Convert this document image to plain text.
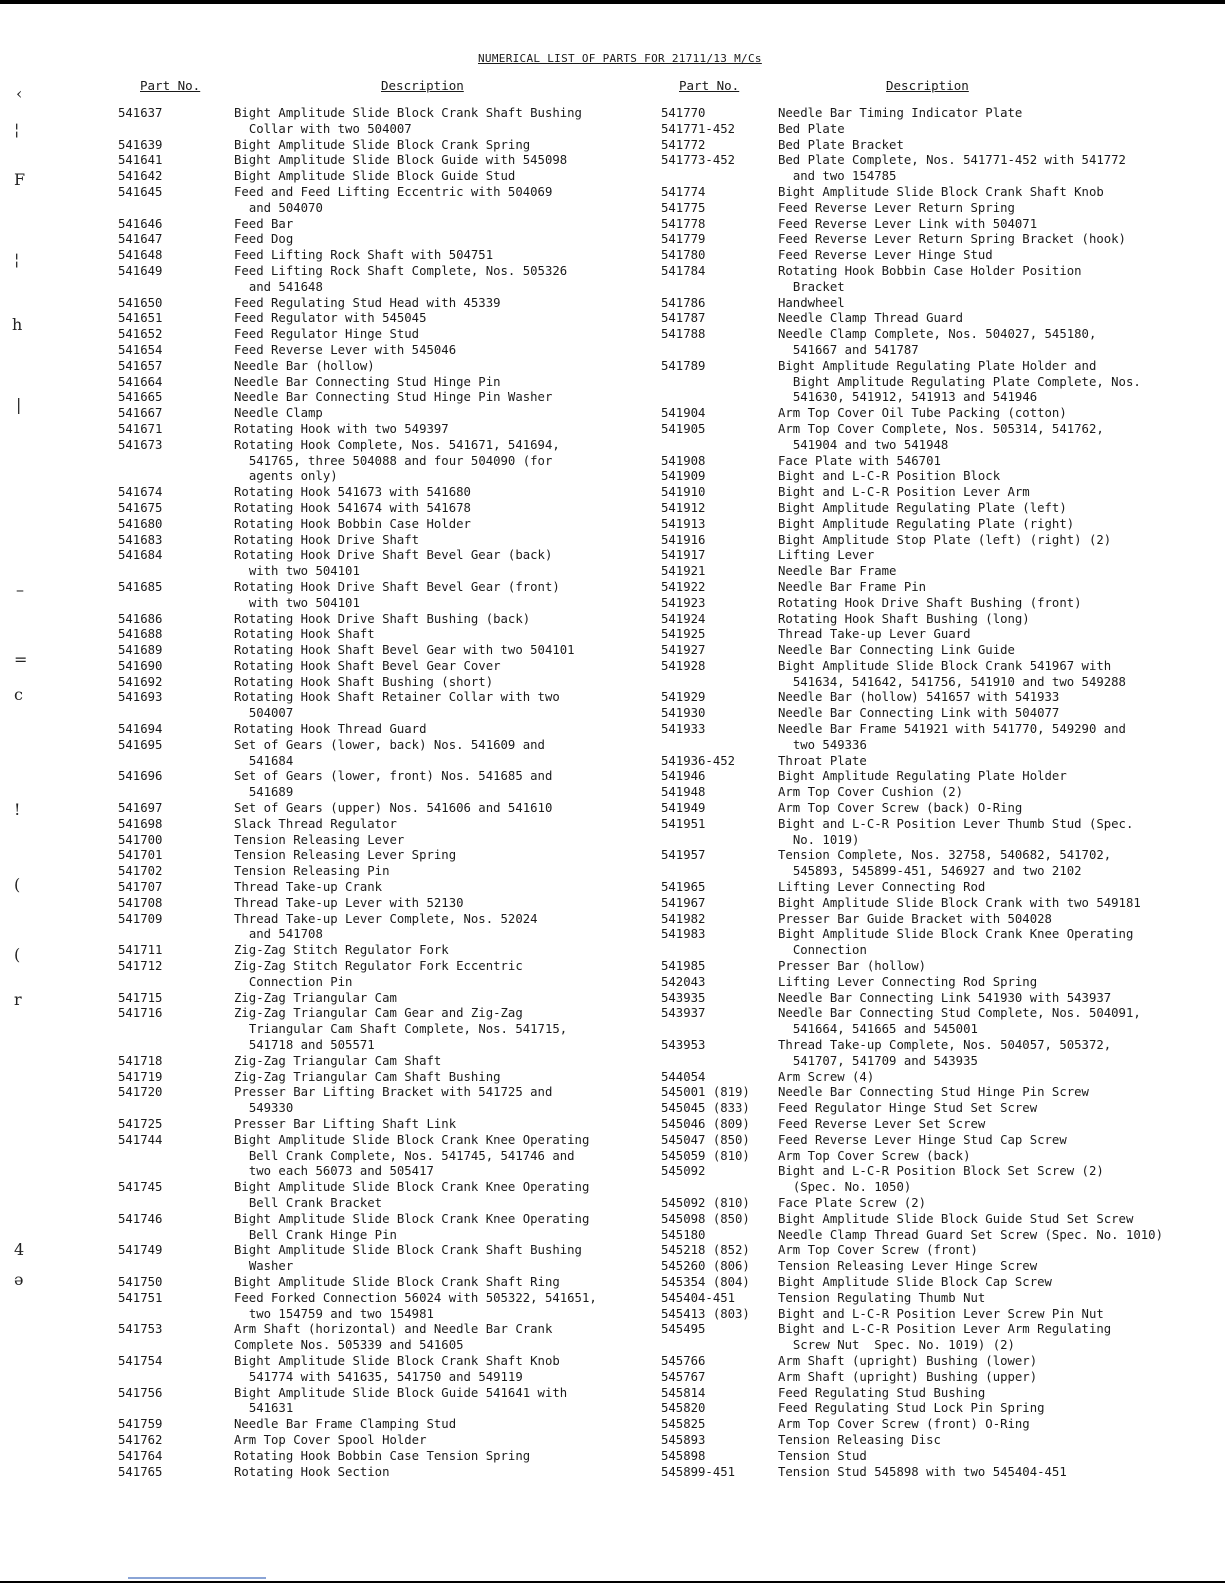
‹
¦
F
¦
h
|
–
=
c
!
(
(
r
4
ə
NUMERICAL LIST OF PARTS FOR 21711/13 M/Cs
Part No.	Description	Part No.	Description
541637	Bight Amplitude Slide Block Crank Shaft Bushing
Collar with two 504007
541639	Bight Amplitude Slide Block Crank Spring
541641	Bight Amplitude Slide Block Guide with 545098
541642	Bight Amplitude Slide Block Guide Stud
541645	Feed and Feed Lifting Eccentric with 504069
and 504070
541646	Feed Bar
541647	Feed Dog
541648	Feed Lifting Rock Shaft with 504751
541649	Feed Lifting Rock Shaft Complete, Nos. 505326
and 541648
541650	Feed Regulating Stud Head with 45339
541651	Feed Regulator with 545045
541652	Feed Regulator Hinge Stud
541654	Feed Reverse Lever with 545046
541657	Needle Bar (hollow)
541664	Needle Bar Connecting Stud Hinge Pin
541665	Needle Bar Connecting Stud Hinge Pin Washer
541667	Needle Clamp
541671	Rotating Hook with two 549397
541673	Rotating Hook Complete, Nos. 541671, 541694,
541765, three 504088 and four 504090 (for
agents only)
541674	Rotating Hook 541673 with 541680
541675	Rotating Hook 541674 with 541678
541680	Rotating Hook Bobbin Case Holder
541683	Rotating Hook Drive Shaft
541684	Rotating Hook Drive Shaft Bevel Gear (back)
with two 504101
541685	Rotating Hook Drive Shaft Bevel Gear (front)
with two 504101
541686	Rotating Hook Drive Shaft Bushing (back)
541688	Rotating Hook Shaft
541689	Rotating Hook Shaft Bevel Gear with two 504101
541690	Rotating Hook Shaft Bevel Gear Cover
541692	Rotating Hook Shaft Bushing (short)
541693	Rotating Hook Shaft Retainer Collar with two
504007
541694	Rotating Hook Thread Guard
541695	Set of Gears (lower, back) Nos. 541609 and
541684
541696	Set of Gears (lower, front) Nos. 541685 and
541689
541697	Set of Gears (upper) Nos. 541606 and 541610
541698	Slack Thread Regulator
541700	Tension Releasing Lever
541701	Tension Releasing Lever Spring
541702	Tension Releasing Pin
541707	Thread Take-up Crank
541708	Thread Take-up Lever with 52130
541709	Thread Take-up Lever Complete, Nos. 52024
and 541708
541711	Zig-Zag Stitch Regulator Fork
541712	Zig-Zag Stitch Regulator Fork Eccentric
Connection Pin
541715	Zig-Zag Triangular Cam
541716	Zig-Zag Triangular Cam Gear and Zig-Zag
Triangular Cam Shaft Complete, Nos. 541715,
541718 and 505571
541718	Zig-Zag Triangular Cam Shaft
541719	Zig-Zag Triangular Cam Shaft Bushing
541720	Presser Bar Lifting Bracket with 541725 and
549330
541725	Presser Bar Lifting Shaft Link
541744	Bight Amplitude Slide Block Crank Knee Operating
Bell Crank Complete, Nos. 541745, 541746 and
two each 56073 and 505417
541745	Bight Amplitude Slide Block Crank Knee Operating
Bell Crank Bracket
541746	Bight Amplitude Slide Block Crank Knee Operating
Bell Crank Hinge Pin
541749	Bight Amplitude Slide Block Crank Shaft Bushing
Washer
541750	Bight Amplitude Slide Block Crank Shaft Ring
541751	Feed Forked Connection 56024 with 505322, 541651,
two 154759 and two 154981
541753	Arm Shaft (horizontal) and Needle Bar Crank
Complete Nos. 505339 and 541605
541754	Bight Amplitude Slide Block Crank Shaft Knob
541774 with 541635, 541750 and 549119
541756	Bight Amplitude Slide Block Guide 541641 with
541631
541759	Needle Bar Frame Clamping Stud
541762	Arm Top Cover Spool Holder
541764	Rotating Hook Bobbin Case Tension Spring
541765	Rotating Hook Section
541770	Needle Bar Timing Indicator Plate
541771-452	Bed Plate
541772	Bed Plate Bracket
541773-452	Bed Plate Complete, Nos. 541771-452 with 541772
and two 154785
541774	Bight Amplitude Slide Block Crank Shaft Knob
541775	Feed Reverse Lever Return Spring
541778	Feed Reverse Lever Link with 504071
541779	Feed Reverse Lever Return Spring Bracket (hook)
541780	Feed Reverse Lever Hinge Stud
541784	Rotating Hook Bobbin Case Holder Position
Bracket
541786	Handwheel
541787	Needle Clamp Thread Guard
541788	Needle Clamp Complete, Nos. 504027, 545180,
541667 and 541787
541789	Bight Amplitude Regulating Plate Holder and
Bight Amplitude Regulating Plate Complete, Nos.
541630, 541912, 541913 and 541946
541904	Arm Top Cover Oil Tube Packing (cotton)
541905	Arm Top Cover Complete, Nos. 505314, 541762,
541904 and two 541948
541908	Face Plate with 546701
541909	Bight and L-C-R Position Block
541910	Bight and L-C-R Position Lever Arm
541912	Bight Amplitude Regulating Plate (left)
541913	Bight Amplitude Regulating Plate (right)
541916	Bight Amplitude Stop Plate (left) (right) (2)
541917	Lifting Lever
541921	Needle Bar Frame
541922	Needle Bar Frame Pin
541923	Rotating Hook Drive Shaft Bushing (front)
541924	Rotating Hook Shaft Bushing (long)
541925	Thread Take-up Lever Guard
541927	Needle Bar Connecting Link Guide
541928	Bight Amplitude Slide Block Crank 541967 with
541634, 541642, 541756, 541910 and two 549288
541929	Needle Bar (hollow) 541657 with 541933
541930	Needle Bar Connecting Link with 504077
541933	Needle Bar Frame 541921 with 541770, 549290 and
two 549336
541936-452	Throat Plate
541946	Bight Amplitude Regulating Plate Holder
541948	Arm Top Cover Cushion (2)
541949	Arm Top Cover Screw (back) O-Ring
541951	Bight and L-C-R Position Lever Thumb Stud (Spec.
No. 1019)
541957	Tension Complete, Nos. 32758, 540682, 541702,
545893, 545899-451, 546927 and two 2102
541965	Lifting Lever Connecting Rod
541967	Bight Amplitude Slide Block Crank with two 549181
541982	Presser Bar Guide Bracket with 504028
541983	Bight Amplitude Slide Block Crank Knee Operating
Connection
541985	Presser Bar (hollow)
542043	Lifting Lever Connecting Rod Spring
543935	Needle Bar Connecting Link 541930 with 543937
543937	Needle Bar Connecting Stud Complete, Nos. 504091,
541664, 541665 and 545001
543953	Thread Take-up Complete, Nos. 504057, 505372,
541707, 541709 and 543935
544054	Arm Screw (4)
545001 (819)	Needle Bar Connecting Stud Hinge Pin Screw
545045 (833)	Feed Regulator Hinge Stud Set Screw
545046 (809)	Feed Reverse Lever Set Screw
545047 (850)	Feed Reverse Lever Hinge Stud Cap Screw
545059 (810)	Arm Top Cover Screw (back)
545092	Bight and L-C-R Position Block Set Screw (2)
(Spec. No. 1050)
545092 (810)	Face Plate Screw (2)
545098 (850)	Bight Amplitude Slide Block Guide Stud Set Screw
545180	Needle Clamp Thread Guard Set Screw (Spec. No. 1010)
545218 (852)	Arm Top Cover Screw (front)
545260 (806)	Tension Releasing Lever Hinge Screw
545354 (804)	Bight Amplitude Slide Block Cap Screw
545404-451	Tension Regulating Thumb Nut
545413 (803)	Bight and L-C-R Position Lever Screw Pin Nut
545495	Bight and L-C-R Position Lever Arm Regulating
Screw Nut  Spec. No. 1019) (2)
545766	Arm Shaft (upright) Bushing (lower)
545767	Arm Shaft (upright) Bushing (upper)
545814	Feed Regulating Stud Bushing
545820	Feed Regulating Stud Lock Pin Spring
545825	Arm Top Cover Screw (front) O-Ring
545893	Tension Releasing Disc
545898	Tension Stud
545899-451	Tension Stud 545898 with two 545404-451
